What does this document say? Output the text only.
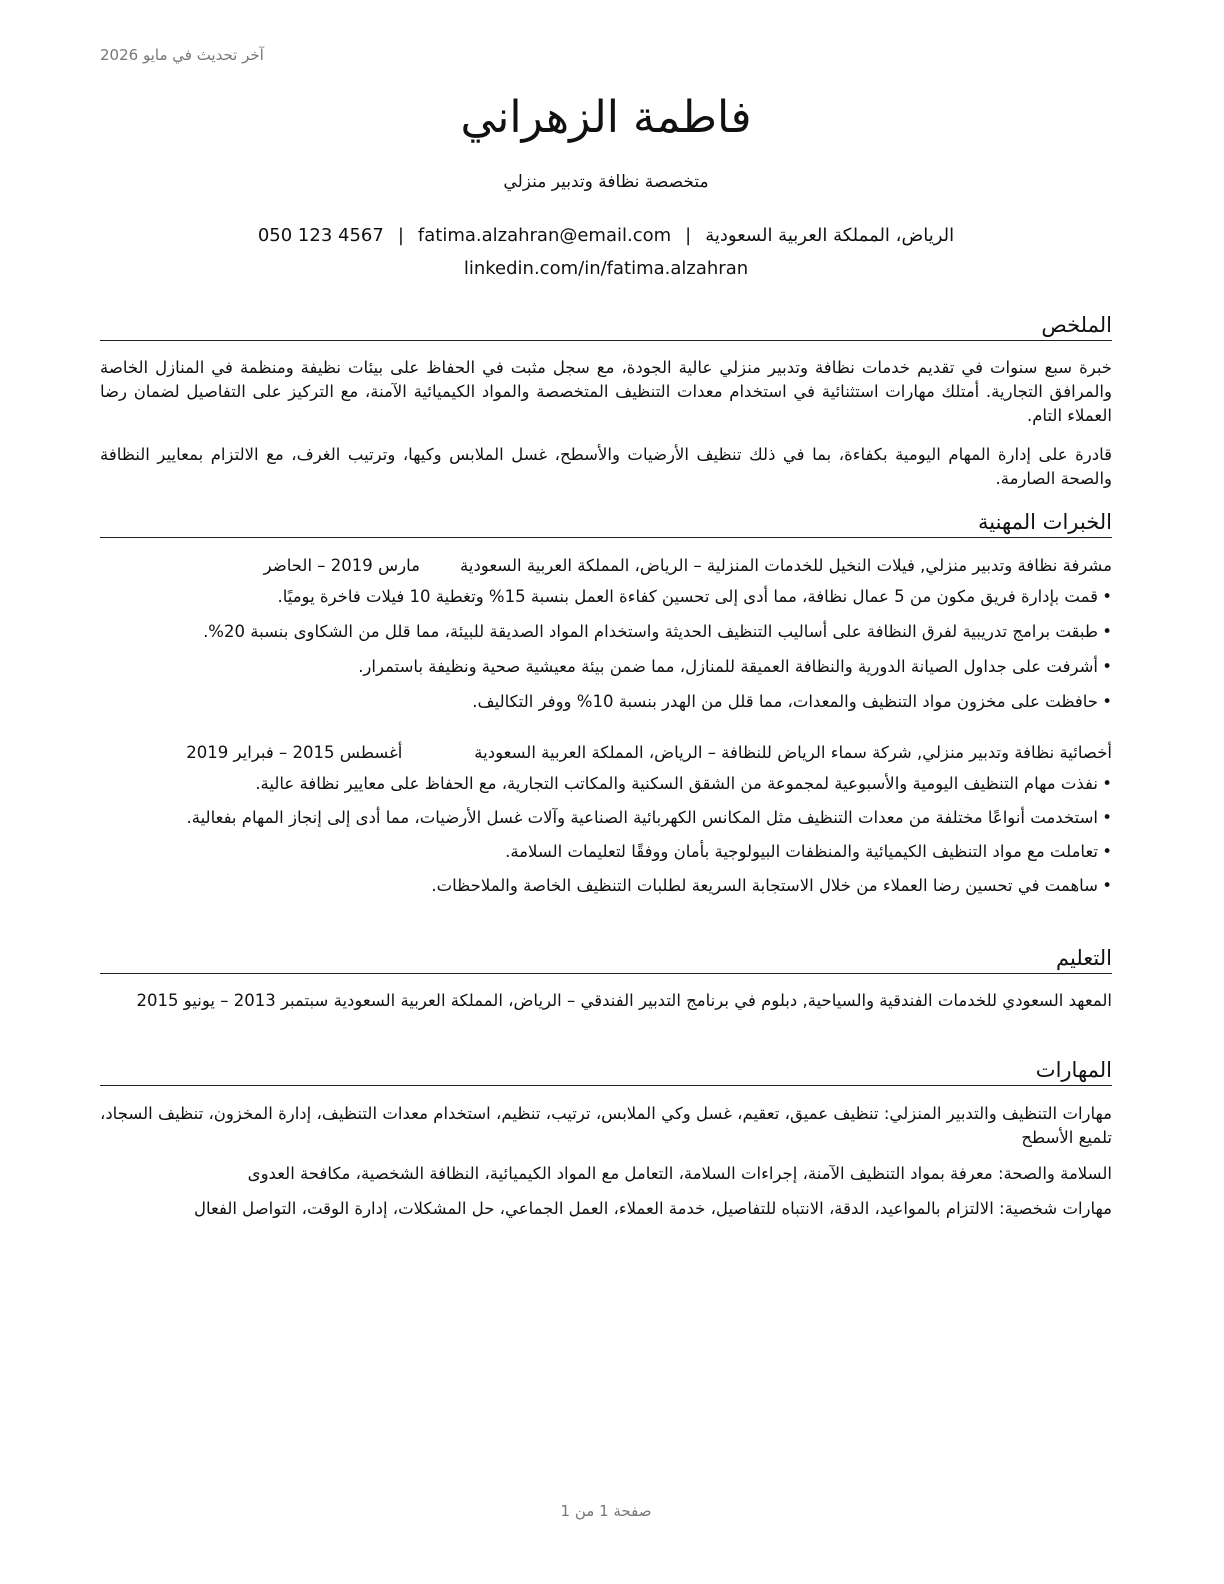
آخر تحديث في مايو 2026
فاطمة الزهراني
متخصصة نظافة وتدبير منزلي
الرياض، المملكة العربية السعودية|fatima.alzahran@email.com|050 123 4567
linkedin.com/in/fatima.alzahran
الملخص

خبرة سبع سنوات في تقديم خدمات نظافة وتدبير منزلي عالية الجودة، مع سجل مثبت في الحفاظ على بيئات نظيفة ومنظمة في المنازل الخاصة والمرافق التجارية. أمتلك مهارات استثنائية في استخدام معدات التنظيف المتخصصة والمواد الكيميائية الآمنة، مع التركيز على التفاصيل لضمان رضا العملاء التام.

قادرة على إدارة المهام اليومية بكفاءة، بما في ذلك تنظيف الأرضيات والأسطح، غسل الملابس وكيها، وترتيب الغرف، مع الالتزام بمعايير النظافة والصحة الصارمة.

الخبرات المهنية
مشرفة نظافة وتدبير منزلي, فيلات النخيل للخدمات المنزلية – الرياض، المملكة العربية السعودية
مارس 2019 – الحاضر
• قمت بإدارة فريق مكون من 5 عمال نظافة، مما أدى إلى تحسين كفاءة العمل بنسبة 15% وتغطية 10 فيلات فاخرة يوميًا.
• طبقت برامج تدريبية لفرق النظافة على أساليب التنظيف الحديثة واستخدام المواد الصديقة للبيئة، مما قلل من الشكاوى بنسبة 20%.
• أشرفت على جداول الصيانة الدورية والنظافة العميقة للمنازل، مما ضمن بيئة معيشية صحية ونظيفة باستمرار.
• حافظت على مخزون مواد التنظيف والمعدات، مما قلل من الهدر بنسبة 10% ووفر التكاليف.
أخصائية نظافة وتدبير منزلي, شركة سماء الرياض للنظافة – الرياض، المملكة العربية السعودية
أغسطس 2015 – فبراير 2019
• نفذت مهام التنظيف اليومية والأسبوعية لمجموعة من الشقق السكنية والمكاتب التجارية، مع الحفاظ على معايير نظافة عالية.
• استخدمت أنواعًا مختلفة من معدات التنظيف مثل المكانس الكهربائية الصناعية وآلات غسل الأرضيات، مما أدى إلى إنجاز المهام بفعالية.
• تعاملت مع مواد التنظيف الكيميائية والمنظفات البيولوجية بأمان ووفقًا لتعليمات السلامة.
• ساهمت في تحسين رضا العملاء من خلال الاستجابة السريعة لطلبات التنظيف الخاصة والملاحظات.
التعليم
المعهد السعودي للخدمات الفندقية والسياحية, دبلوم في برنامج التدبير الفندقي – الرياض، المملكة العربية السعودية سبتمبر 2013 – يونيو 2015
المهارات
مهارات التنظيف والتدبير المنزلي: تنظيف عميق، تعقيم، غسل وكي الملابس، ترتيب، تنظيم، استخدام معدات التنظيف، إدارة المخزون، تنظيف السجاد، تلميع الأسطح
السلامة والصحة: معرفة بمواد التنظيف الآمنة، إجراءات السلامة، التعامل مع المواد الكيميائية، النظافة الشخصية، مكافحة العدوى
مهارات شخصية: الالتزام بالمواعيد، الدقة، الانتباه للتفاصيل، خدمة العملاء، العمل الجماعي، حل المشكلات، إدارة الوقت، التواصل الفعال
صفحة 1 من 1
